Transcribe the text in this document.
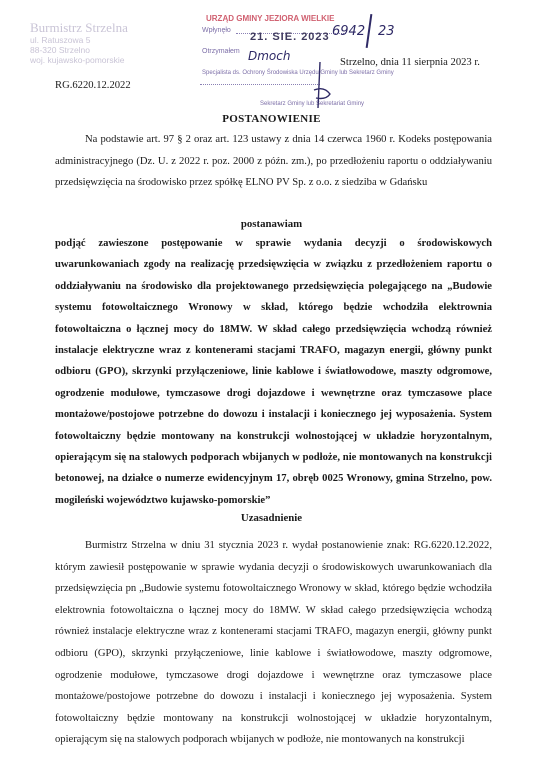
Burmistrz Strzelna
ul. Ratuszowa 5
88-320 Strzelno
woj. kujawsko-pomorskie
URZĄD GMINY JEZIORA WIELKIE
Wpłynęło
21. SIE. 2023
Otrzymałem Dmoch
Specjalista ds. Ochrony Środowiska Urzędu Gminy lub Sekretarz Gminy
Sekretarz Gminy lub Sekretariat Gminy
6942 23
RG.6220.12.2022
Strzelno, dnia 11 sierpnia 2023 r.
POSTANOWIENIE
Na podstawie art. 97 § 2 oraz art. 123 ustawy z dnia 14 czerwca 1960 r. Kodeks postępowania administracyjnego (Dz. U. z 2022 r. poz. 2000 z późn. zm.), po przedłożeniu raportu o oddziaływaniu przedsięwzięcia na środowisko przez spółkę ELNO PV Sp. z o.o. z siedziba w Gdańsku
postanawiam
podjąć zawieszone postępowanie w sprawie wydania decyzji o środowiskowych uwarunkowaniach zgody na realizację przedsięwzięcia w związku z przedłożeniem raportu o oddziaływaniu na środowisko dla projektowanego przedsięwzięcia polegającego na „Budowie systemu fotowoltaicznego Wronowy w skład, którego będzie wchodziła elektrownia fotowoltaiczna o łącznej mocy do 18MW. W skład całego przedsięwzięcia wchodzą również instalacje elektryczne wraz z kontenerami stacjami TRAFO, magazyn energii, główny punkt odbioru (GPO), skrzynki przyłączeniowe, linie kablowe i światłowodowe, maszty odgromowe, ogrodzenie modułowe, tymczasowe drogi dojazdowe i wewnętrzne oraz tymczasowe place montażowe/postojowe potrzebne do dowozu i instalacji i koniecznego jej wyposażenia. System fotowoltaiczny będzie montowany na konstrukcji wolnostojącej w układzie horyzontalnym, opierającym się na stalowych podporach wbijanych w podłoże, nie montowanych na konstrukcji betonowej, na działce o numerze ewidencyjnym 17, obręb 0025 Wronowy, gmina Strzelno, pow. mogileński województwo kujawsko-pomorskie”
Uzasadnienie
Burmistrz Strzelna w dniu 31 stycznia 2023 r. wydał postanowienie znak: RG.6220.12.2022, którym zawiesił postępowanie w sprawie wydania decyzji o środowiskowych uwarunkowaniach dla przedsięwzięcia pn „Budowie systemu fotowoltaicznego Wronowy w skład, którego będzie wchodziła elektrownia fotowoltaiczna o łącznej mocy do 18MW. W skład całego przedsięwzięcia wchodzą również instalacje elektryczne wraz z kontenerami stacjami TRAFO, magazyn energii, główny punkt odbioru (GPO), skrzynki przyłączeniowe, linie kablowe i światłowodowe, maszty odgromowe, ogrodzenie modułowe, tymczasowe drogi dojazdowe i wewnętrzne oraz tymczasowe place montażowe/postojowe potrzebne do dowozu i instalacji i koniecznego jej wyposażenia. System fotowoltaiczny będzie montowany na konstrukcji wolnostojącej w układzie horyzontalnym, opierającym się na stalowych podporach wbijanych w podłoże, nie montowanych na konstrukcji
